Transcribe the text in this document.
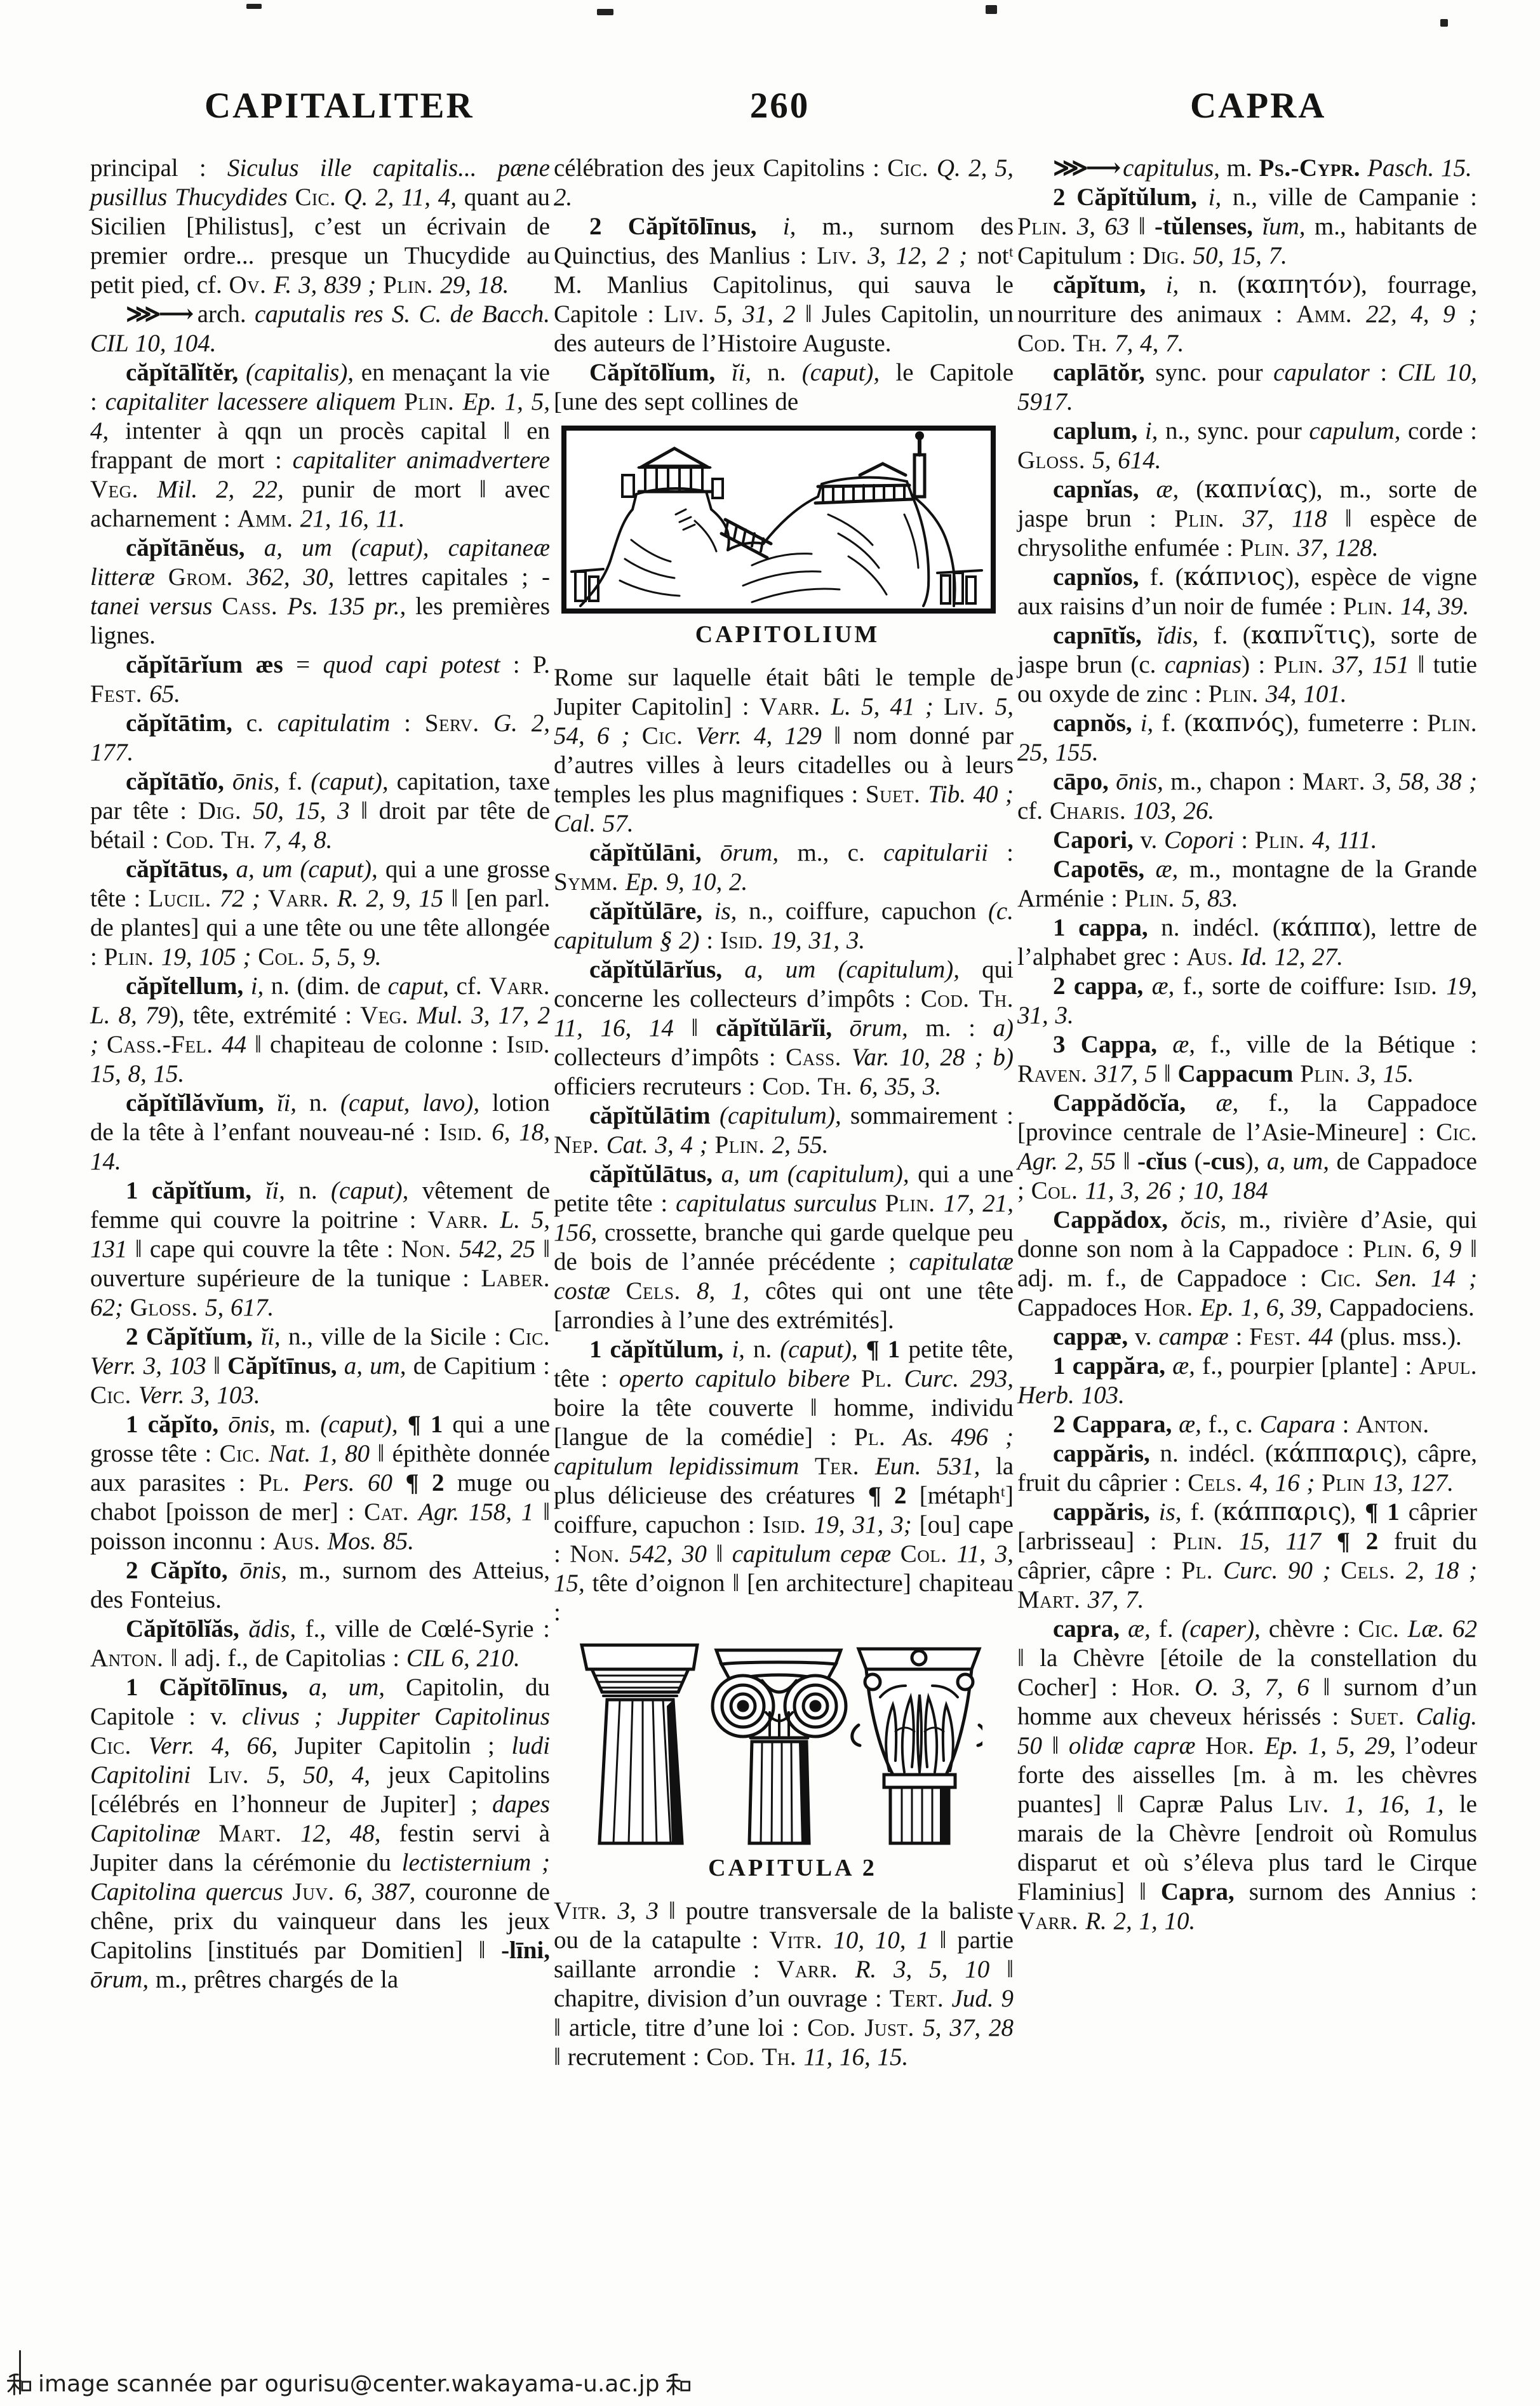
CAPITALITER	260	CAPRA

principal : Siculus ille capitalis... pæne pusillus Thucydides Cic. Q. 2, 11, 4, quant au Sicilien [Philistus], c’est un écrivain de premier ordre... presque un Thucydide au petit pied, cf. Ov. F. 3, 839 ; Plin. 29, 18.

⋙⟶ arch. caputalis res S. C. de Bacch. CIL 10, 104.

căpĭtālĭtĕr, (capitalis), en menaçant la vie : capitaliter lacessere aliquem Plin. Ep. 1, 5, 4, intenter à qqn un procès capital ‖ en frappant de mort : capitaliter animadvertere Veg. Mil. 2, 22, punir de mort ‖ avec acharnement : Amm. 21, 16, 11.

căpĭtānĕus, a, um (caput), capitaneæ litteræ Grom. 362, 30, lettres capitales ; -tanei versus Cass. Ps. 135 pr., les premières lignes.

căpĭtārĭum æs = quod capi potest : P. Fest. 65.

căpĭtātim, c. capitulatim : Serv. G. 2, 177.

căpĭtātĭo, ōnis, f. (caput), capitation, taxe par tête : Dig. 50, 15, 3 ‖ droit par tête de bétail : Cod. Th. 7, 4, 8.

căpĭtātus, a, um (caput), qui a une grosse tête : Lucil. 72 ; Varr. R. 2, 9, 15 ‖ [en parl. de plantes] qui a une tête ou une tête allongée : Plin. 19, 105 ; Col. 5, 5, 9.

căpĭtellum, i, n. (dim. de caput, cf. Varr. L. 8, 79), tête, extrémité : Veg. Mul. 3, 17, 2 ; Cass.-Fel. 44 ‖ chapiteau de colonne : Isid. 15, 8, 15.

căpĭtĭlăvĭum, ĭi, n. (caput, lavo), lotion de la tête à l’enfant nouveau-né : Isid. 6, 18, 14.

1 căpĭtĭum, ĭi, n. (caput), vêtement de femme qui couvre la poitrine : Varr. L. 5, 131 ‖ cape qui couvre la tête : Non. 542, 25 ‖ ouverture supérieure de la tunique : Laber. 62; Gloss. 5, 617.

2 Căpĭtĭum, ĭi, n., ville de la Sicile : Cic. Verr. 3, 103 ‖ Căpĭtīnus, a, um, de Capitium : Cic. Verr. 3, 103.

1 căpĭto, ōnis, m. (caput), ¶ 1 qui a une grosse tête : Cic. Nat. 1, 80 ‖ épithète donnée aux parasites : Pl. Pers. 60 ¶ 2 muge ou chabot [poisson de mer] : Cat. Agr. 158, 1 ‖ poisson inconnu : Aus. Mos. 85.

2 Căpĭto, ōnis, m., surnom des Atteius, des Fonteius.

Căpĭtōlĭăs, ădis, f., ville de Cœlé-Syrie : Anton. ‖ adj. f., de Capitolias : CIL 6, 210.

1 Căpĭtōlīnus, a, um, Capitolin, du Capitole : v. clivus ; Juppiter Capitolinus Cic. Verr. 4, 66, Jupiter Capitolin ; ludi Capitolini Liv. 5, 50, 4, jeux Capitolins [célébrés en l’honneur de Jupiter] ; dapes Capitolinæ Mart. 12, 48, festin servi à Jupiter dans la cérémonie du lectisternium ; Capitolina quercus Juv. 6, 387, couronne de chêne, prix du vainqueur dans les jeux Capitolins [institués par Domitien] ‖ -līni, ōrum, m., prêtres chargés de la

célébration des jeux Capitolins : Cic. Q. 2, 5, 2.

2 Căpĭtōlīnus, i, m., surnom des Quinctius, des Manlius : Liv. 3, 12, 2 ; notᵗ M. Manlius Capitolinus, qui sauva le Capitole : Liv. 5, 31, 2 ‖ Jules Capitolin, un des auteurs de l’Histoire Auguste.

Căpĭtōlĭum, ĭi, n. (caput), le Capitole [une des sept collines de

CAPITOLIUM

Rome sur laquelle était bâti le temple de Jupiter Capitolin] : Varr. L. 5, 41 ; Liv. 5, 54, 6 ; Cic. Verr. 4, 129 ‖ nom donné par d’autres villes à leurs citadelles ou à leurs temples les plus magnifiques : Suet. Tib. 40 ; Cal. 57.

căpĭtŭlāni, ōrum, m., c. capitularii : Symm. Ep. 9, 10, 2.

căpĭtŭlāre, is, n., coiffure, capuchon (c. capitulum § 2) : Isid. 19, 31, 3.

căpĭtŭlārĭus, a, um (capitulum), qui concerne les collecteurs d’impôts : Cod. Th. 11, 16, 14 ‖ căpĭtŭlārĭi, ōrum, m. : a) collecteurs d’impôts : Cass. Var. 10, 28 ; b) officiers recruteurs : Cod. Th. 6, 35, 3.

căpĭtŭlātim (capitulum), sommairement : Nep. Cat. 3, 4 ; Plin. 2, 55.

căpĭtŭlātus, a, um (capitulum), qui a une petite tête : capitulatus surculus Plin. 17, 21, 156, crossette, branche qui garde quelque peu de bois de l’année précédente ; capitulatæ costæ Cels. 8, 1, côtes qui ont une tête [arrondies à l’une des extrémités].

1 căpĭtŭlum, i, n. (caput), ¶ 1 petite tête, tête : operto capitulo bibere Pl. Curc. 293, boire la tête couverte ‖ homme, individu [langue de la comédie] : Pl. As. 496 ; capitulum lepidissimum Ter. Eun. 531, la plus délicieuse des créatures ¶ 2 [métaphᵗ] coiffure, capuchon : Isid. 19, 31, 3; [ou] cape : Non. 542, 30 ‖ capitulum cepæ Col. 11, 3, 15, tête d’oignon ‖ [en architecture] chapiteau :

CAPITULA 2

Vitr. 3, 3 ‖ poutre transversale de la baliste ou de la catapulte : Vitr. 10, 10, 1 ‖ partie saillante arrondie : Varr. R. 3, 5, 10 ‖ chapitre, division d’un ouvrage : Tert. Jud. 9 ‖ article, titre d’une loi : Cod. Just. 5, 37, 28 ‖ recrutement : Cod. Th. 11, 16, 15.

⋙⟶ capitulus, m. Ps.-Cypr. Pasch. 15.

2 Căpĭtŭlum, i, n., ville de Campanie : Plin. 3, 63 ‖ -tŭlenses, ĭum, m., habitants de Capitulum : Dig. 50, 15, 7.

căpĭtum, i, n. (καπητόν), fourrage, nourriture des animaux : Amm. 22, 4, 9 ; Cod. Th. 7, 4, 7.

caplātŏr, sync. pour capulator : CIL 10, 5917.

caplum, i, n., sync. pour capulum, corde : Gloss. 5, 614.

capnĭas, æ, (καπνίας), m., sorte de jaspe brun : Plin. 37, 118 ‖ espèce de chrysolithe enfumée : Plin. 37, 128.

capnĭos, f. (κάπνιος), espèce de vigne aux raisins d’un noir de fumée : Plin. 14, 39.

capnītĭs, ĭdis, f. (καπνῖτις), sorte de jaspe brun (c. capnias) : Plin. 37, 151 ‖ tutie ou oxyde de zinc : Plin. 34, 101.

capnŏs, i, f. (καπνός), fumeterre : Plin. 25, 155.

cāpo, ōnis, m., chapon : Mart. 3, 58, 38 ; cf. Charis. 103, 26.

Capori, v. Copori : Plin. 4, 111.

Capotēs, æ, m., montagne de la Grande Arménie : Plin. 5, 83.

1 cappa, n. indécl. (κάππα), lettre de l’alphabet grec : Aus. Id. 12, 27.

2 cappa, æ, f., sorte de coiffure: Isid. 19, 31, 3.

3 Cappa, æ, f., ville de la Bétique : Raven. 317, 5 ‖ Cappacum Plin. 3, 15.

Cappădŏcĭa, æ, f., la Cappadoce [province centrale de l’Asie-Mineure] : Cic. Agr. 2, 55 ‖ -cĭus (-cus), a, um, de Cappadoce ; Col. 11, 3, 26 ; 10, 184

Cappădox, ŏcis, m., rivière d’Asie, qui donne son nom à la Cappadoce : Plin. 6, 9 ‖ adj. m. f., de Cappadoce : Cic. Sen. 14 ; Cappadoces Hor. Ep. 1, 6, 39, Cappadociens.

cappæ, v. campæ : Fest. 44 (plus. mss.).

1 cappăra, æ, f., pourpier [plante] : Apul. Herb. 103.

2 Cappara, æ, f., c. Capara : Anton.

cappăris, n. indécl. (κάππαρις), câpre, fruit du câprier : Cels. 4, 16 ; Plin 13, 127.

cappăris, is, f. (κάππαρις), ¶ 1 câprier [arbrisseau] : Plin. 15, 117 ¶ 2 fruit du câprier, câpre : Pl. Curc. 90 ; Cels. 2, 18 ; Mart. 37, 7.

capra, æ, f. (caper), chèvre : Cic. Læ. 62 ‖ la Chèvre [étoile de la constellation du Cocher] : Hor. O. 3, 7, 6 ‖ surnom d’un homme aux cheveux hérissés : Suet. Calig. 50 ‖ olidæ capræ Hor. Ep. 1, 5, 29, l’odeur forte des aisselles [m. à m. les chèvres puantes] ‖ Capræ Palus Liv. 1, 16, 1, le marais de la Chèvre [endroit où Romulus disparut et où s’éleva plus tard le Cirque Flaminius] ‖ Capra, surnom des Annius : Varr. R. 2, 1, 10.

image scannée par ogurisu@center.wakayama-u.ac.jp
